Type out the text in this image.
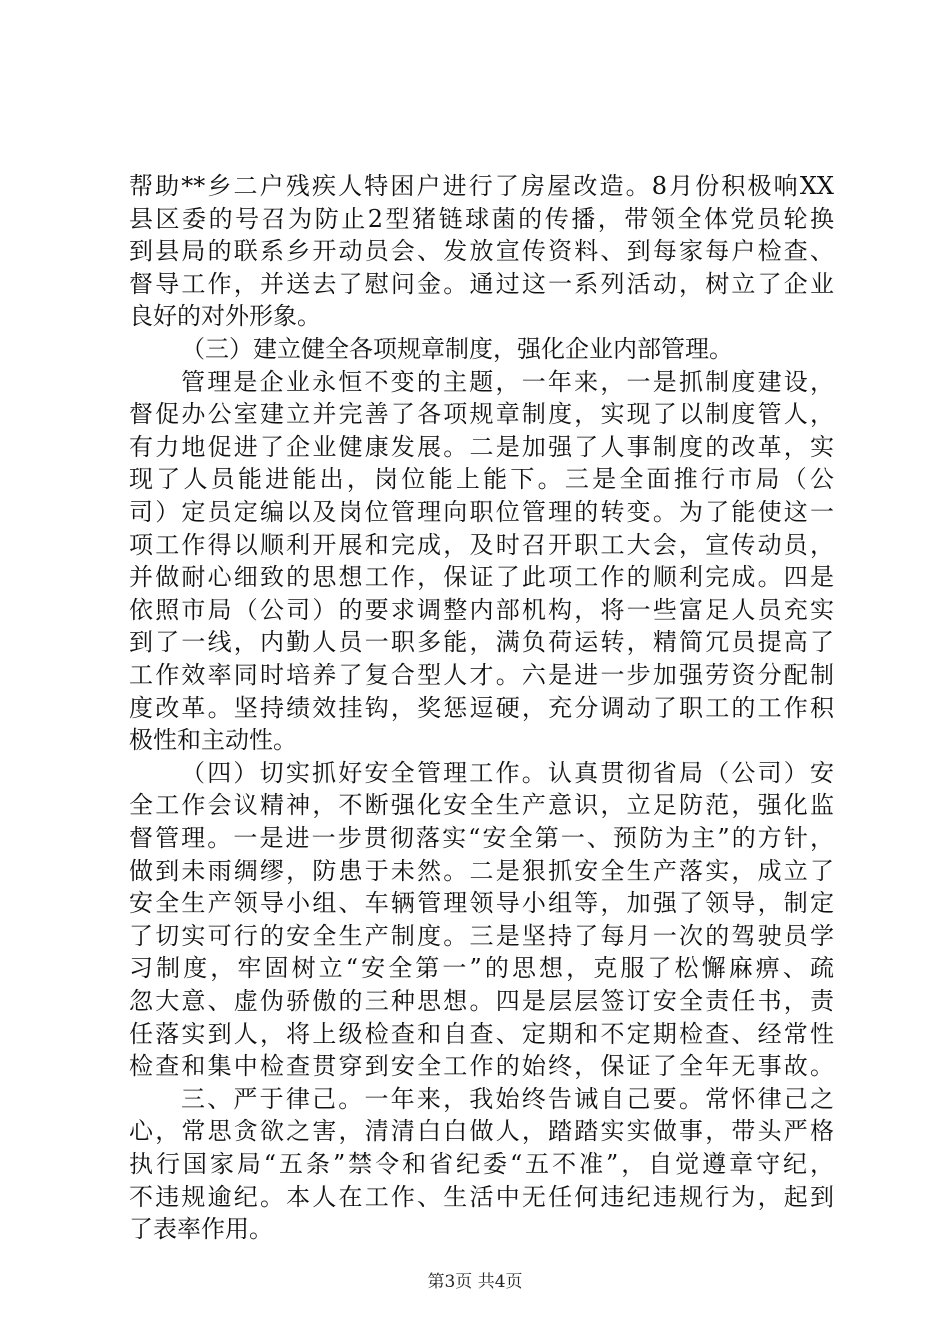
帮助**乡二户残疾人特困户进行了房屋改造。8月份积极响XX
县区委的号召为防止2型猪链球菌的传播，带领全体党员轮换
到县局的联系乡开动员会、发放宣传资料、到每家每户检查、
督导工作，并送去了慰问金。通过这一系列活动，树立了企业
良好的对外形象。
（三）建立健全各项规章制度，强化企业内部管理。
管理是企业永恒不变的主题，一年来，一是抓制度建设，
督促办公室建立并完善了各项规章制度，实现了以制度管人，
有力地促进了企业健康发展。二是加强了人事制度的改革，实
现了人员能进能出，岗位能上能下。三是全面推行市局（公
司）定员定编以及岗位管理向职位管理的转变。为了能使这一
项工作得以顺利开展和完成，及时召开职工大会，宣传动员，
并做耐心细致的思想工作，保证了此项工作的顺利完成。四是
依照市局（公司）的要求调整内部机构，将一些富足人员充实
到了一线，内勤人员一职多能，满负荷运转，精简冗员提高了
工作效率同时培养了复合型人才。六是进一步加强劳资分配制
度改革。坚持绩效挂钩，奖惩逗硬，充分调动了职工的工作积
极性和主动性。
（四）切实抓好安全管理工作。认真贯彻省局（公司）安
全工作会议精神，不断强化安全生产意识，立足防范，强化监
督管理。一是进一步贯彻落实“安全第一、预防为主”的方针，
做到未雨绸缪，防患于未然。二是狠抓安全生产落实，成立了
安全生产领导小组、车辆管理领导小组等，加强了领导，制定
了切实可行的安全生产制度。三是坚持了每月一次的驾驶员学
习制度，牢固树立“安全第一”的思想，克服了松懈麻痹、疏
忽大意、虚伪骄傲的三种思想。四是层层签订安全责任书，责
任落实到人，将上级检查和自查、定期和不定期检查、经常性
检查和集中检查贯穿到安全工作的始终，保证了全年无事故。
三、严于律己。一年来，我始终告诫自己要。常怀律己之
心，常思贪欲之害，清清白白做人，踏踏实实做事，带头严格
执行国家局“五条”禁令和省纪委“五不准”，自觉遵章守纪，
不违规逾纪。本人在工作、生活中无任何违纪违规行为，起到
了表率作用。
第3页 共4页
